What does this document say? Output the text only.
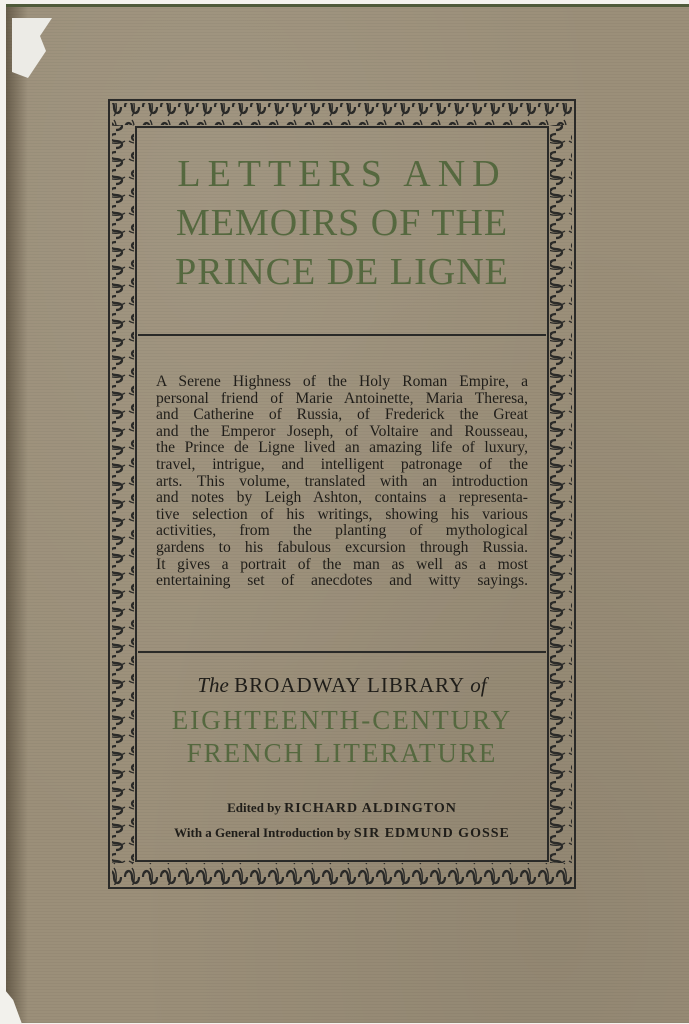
LETTERS AND
MEMOIRS OF THE
PRINCE DE LIGNE
A Serene Highness of the Holy Roman Empire, a
personal friend of Marie Antoinette, Maria Theresa,
and Catherine of Russia, of Frederick the Great
and the Emperor Joseph, of Voltaire and Rousseau,
the Prince de Ligne lived an amazing life of luxury,
travel, intrigue, and intelligent patronage of the
arts. This volume, translated with an introduction
and notes by Leigh Ashton, contains a representa-
tive selection of his writings, showing his various
activities, from the planting of mythological
gardens to his fabulous excursion through Russia.
It gives a portrait of the man as well as a most
entertaining set of anecdotes and witty sayings.
The BROADWAY LIBRARY of
EIGHTEENTH-CENTURY
FRENCH LITERATURE
Edited by RICHARD ALDINGTON
With a General Introduction by SIR EDMUND GOSSE
